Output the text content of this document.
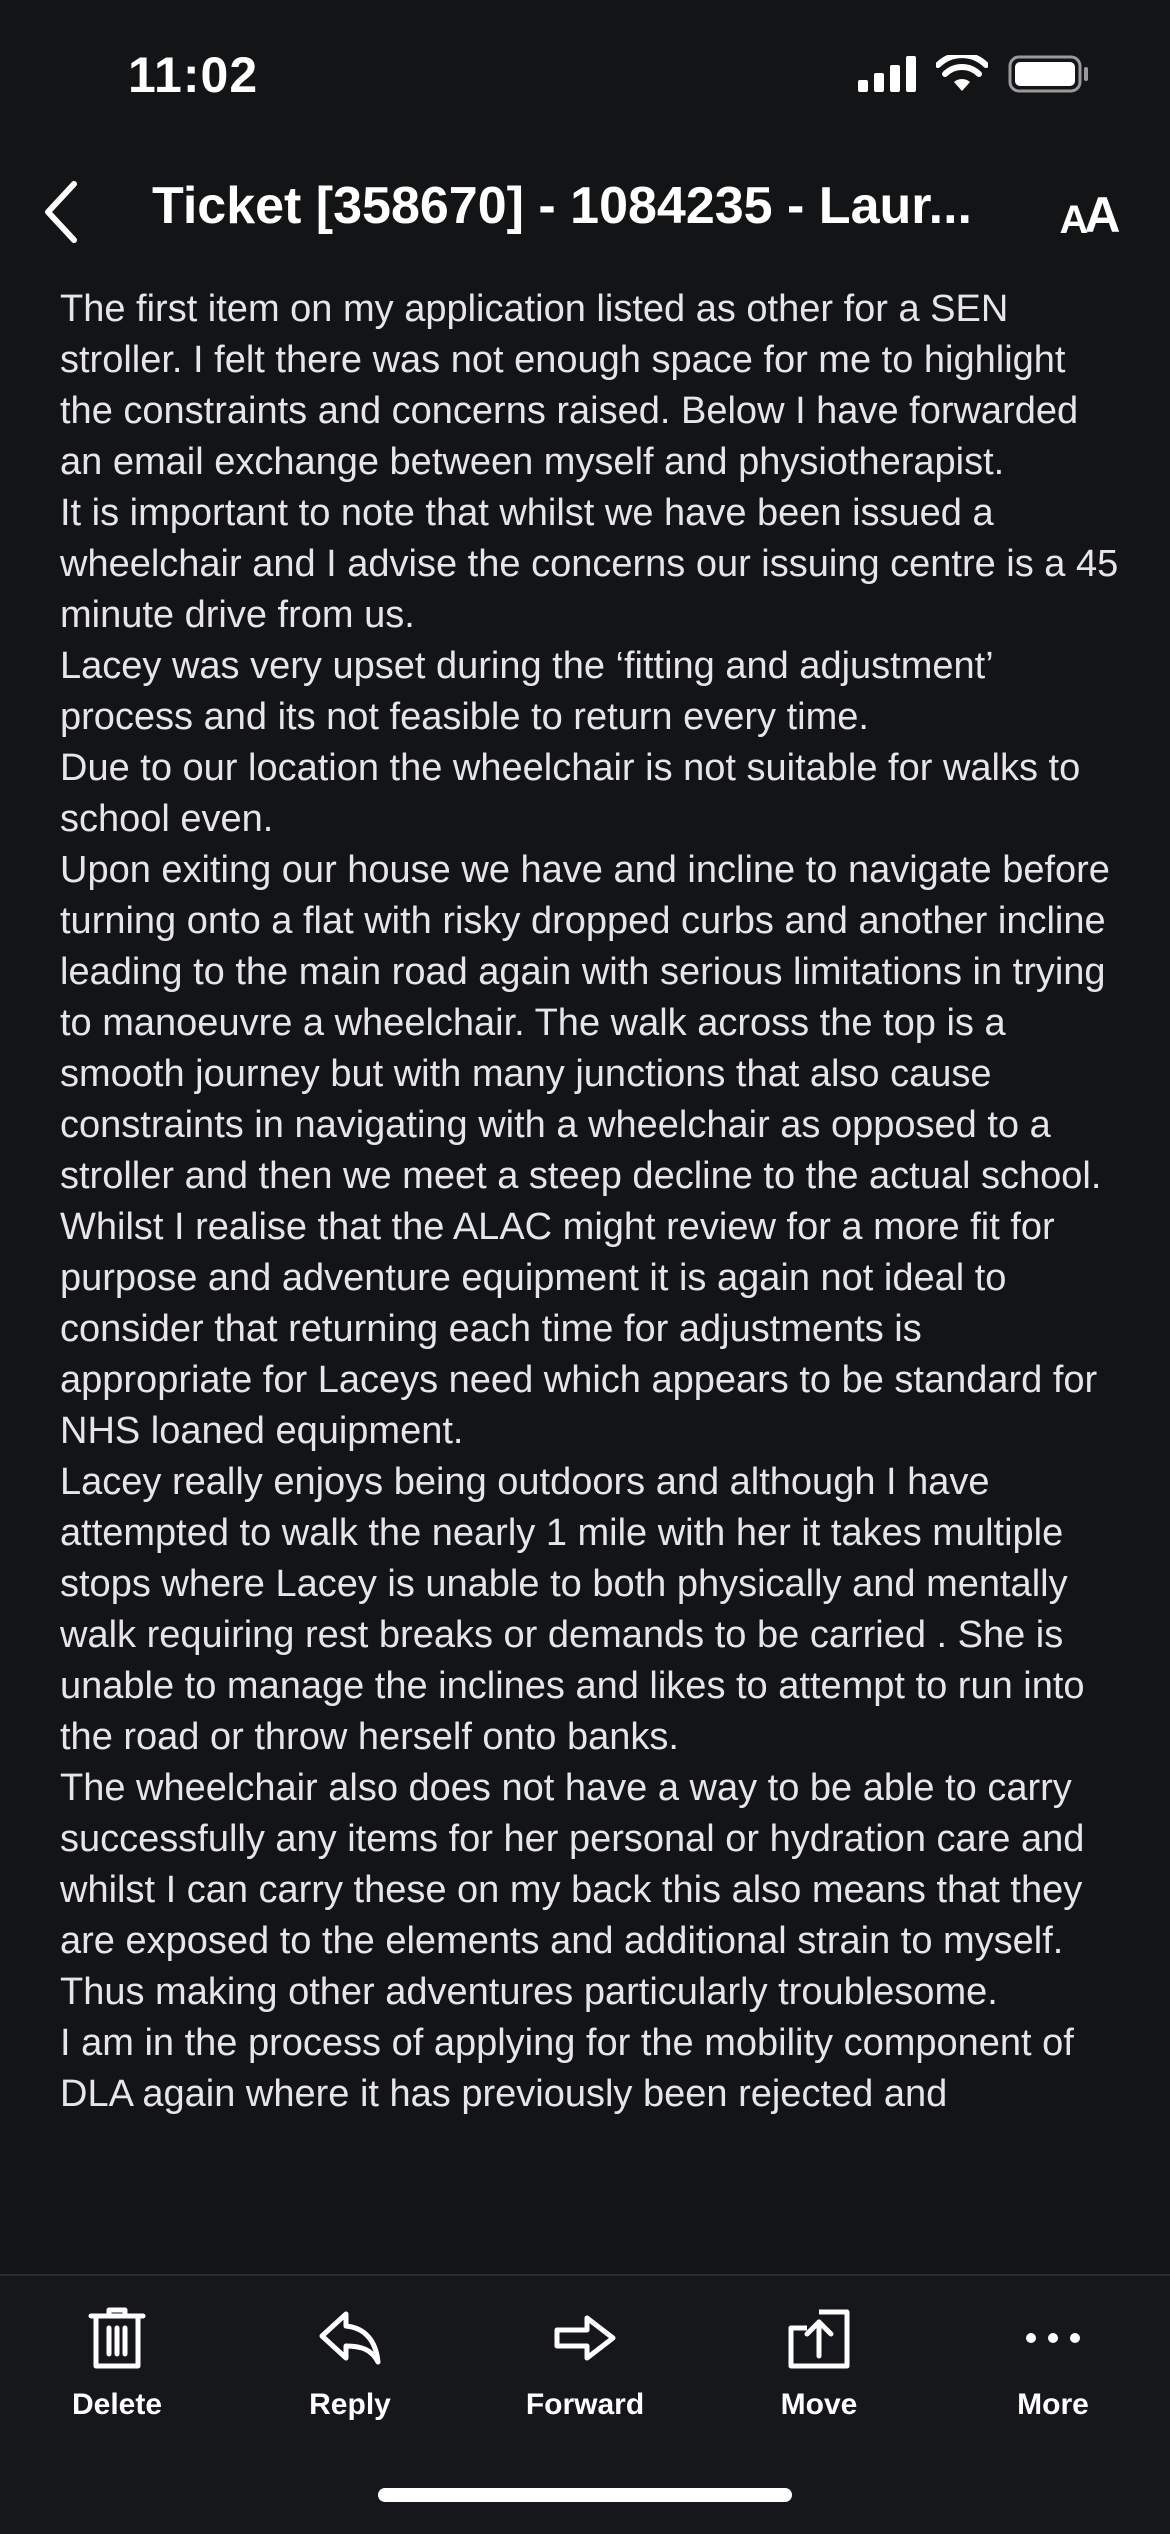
11:02
Ticket [358670] - 1084235 - Laur...	A
A

The first item on my application listed as other for a SEN stroller. I felt there was not enough space for me to highlight the constraints and concerns raised. Below I have forwarded an email exchange between myself and physiotherapist.

It is important to note that whilst we have been issued a wheelchair and I advise the concerns our issuing centre is a 45 minute drive from us.

Lacey was very upset during the ‘fitting and adjustment’ process and its not feasible to return every time.

Due to our location the wheelchair is not suitable for walks to school even.

Upon exiting our house we have and incline to navigate before turning onto a flat with risky dropped curbs and another incline leading to the main road again with serious limitations in trying to manoeuvre a wheelchair. The walk across the top is a smooth journey but with many junctions that also cause constraints in navigating with a wheelchair as opposed to a stroller and then we meet a steep decline to the actual school.

Whilst I realise that the ALAC might review for a more fit for purpose and adventure equipment it is again not ideal to consider that returning each time for adjustments is appropriate for Laceys need which appears to be standard for NHS loaned equipment.

Lacey really enjoys being outdoors and although I have attempted to walk the nearly 1 mile with her it takes multiple stops where Lacey is unable to both physically and mentally walk requiring rest breaks or demands to be carried . She is unable to manage the inclines and likes to attempt to run into the road or throw herself onto banks.

The wheelchair also does not have a way to be able to carry successfully any items for her personal or hydration care and whilst I can carry these on my back this also means that they are exposed to the elements and additional strain to myself. Thus making other adventures particularly troublesome.

I am in the process of applying for the mobility component of DLA again where it has previously been rejected and

Delete	Reply	Forward	Move	More
